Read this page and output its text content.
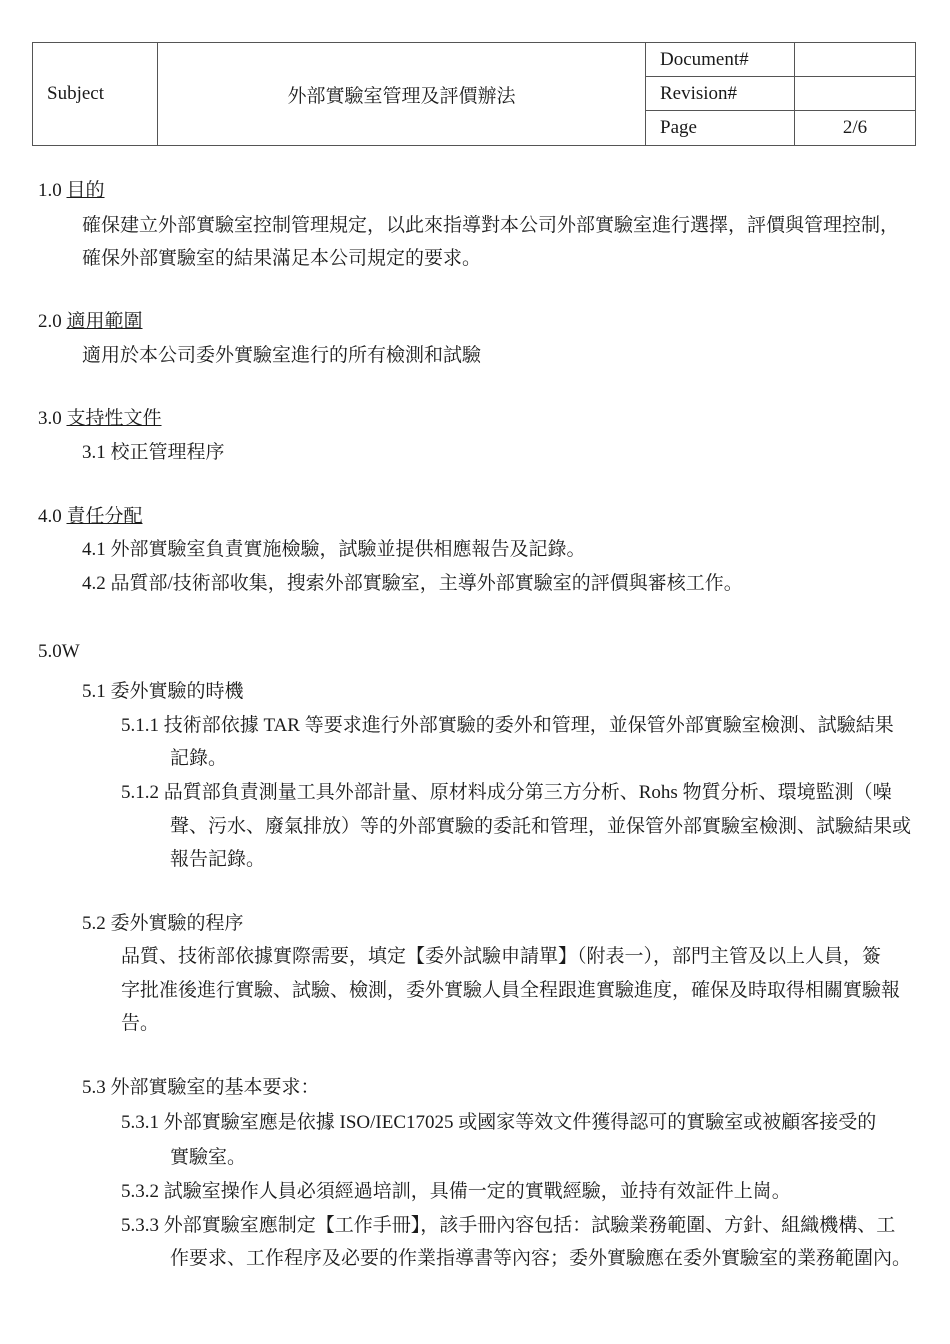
Subject	外部實驗室管理及評價辦法	Document#	
		Revision#	
		Page	2/6
1.0 目的
確保建立外部實驗室控制管理規定，以此來指導對本公司外部實驗室進行選擇，評價與管理控制，
確保外部實驗室的結果滿足本公司規定的要求。
2.0 適用範圍
適用於本公司委外實驗室進行的所有檢測和試驗
3.0 支持性文件
3.1 校正管理程序
4.0 責任分配
4.1 外部實驗室負責實施檢驗，試驗並提供相應報告及記錄。
4.2 品質部/技術部收集，搜索外部實驗室，主導外部實驗室的評價與審核工作。
5.0W
5.1 委外實驗的時機
5.1.1 技術部依據 TAR 等要求進行外部實驗的委外和管理，並保管外部實驗室檢測、試驗結果
記錄。
5.1.2 品質部負責測量工具外部計量、原材料成分第三方分析、Rohs 物質分析、環境監測（噪
聲、污水、廢氣排放）等的外部實驗的委託和管理，並保管外部實驗室檢測、試驗結果或
報告記錄。
5.2 委外實驗的程序
品質、技術部依據實際需要，填定【委外試驗申請單】（附表一），部門主管及以上人員，簽
字批准後進行實驗、試驗、檢測，委外實驗人員全程跟進實驗進度，確保及時取得相關實驗報
告。
5.3 外部實驗室的基本要求：
5.3.1 外部實驗室應是依據 ISO/IEC17025 或國家等效文件獲得認可的實驗室或被顧客接受的
實驗室。
5.3.2 試驗室操作人員必須經過培訓，具備一定的實戰經驗，並持有效証件上崗。
5.3.3 外部實驗室應制定【工作手冊】，該手冊內容包括：試驗業務範圍、方針、組織機構、工
作要求、工作程序及必要的作業指導書等內容；委外實驗應在委外實驗室的業務範圍內。
